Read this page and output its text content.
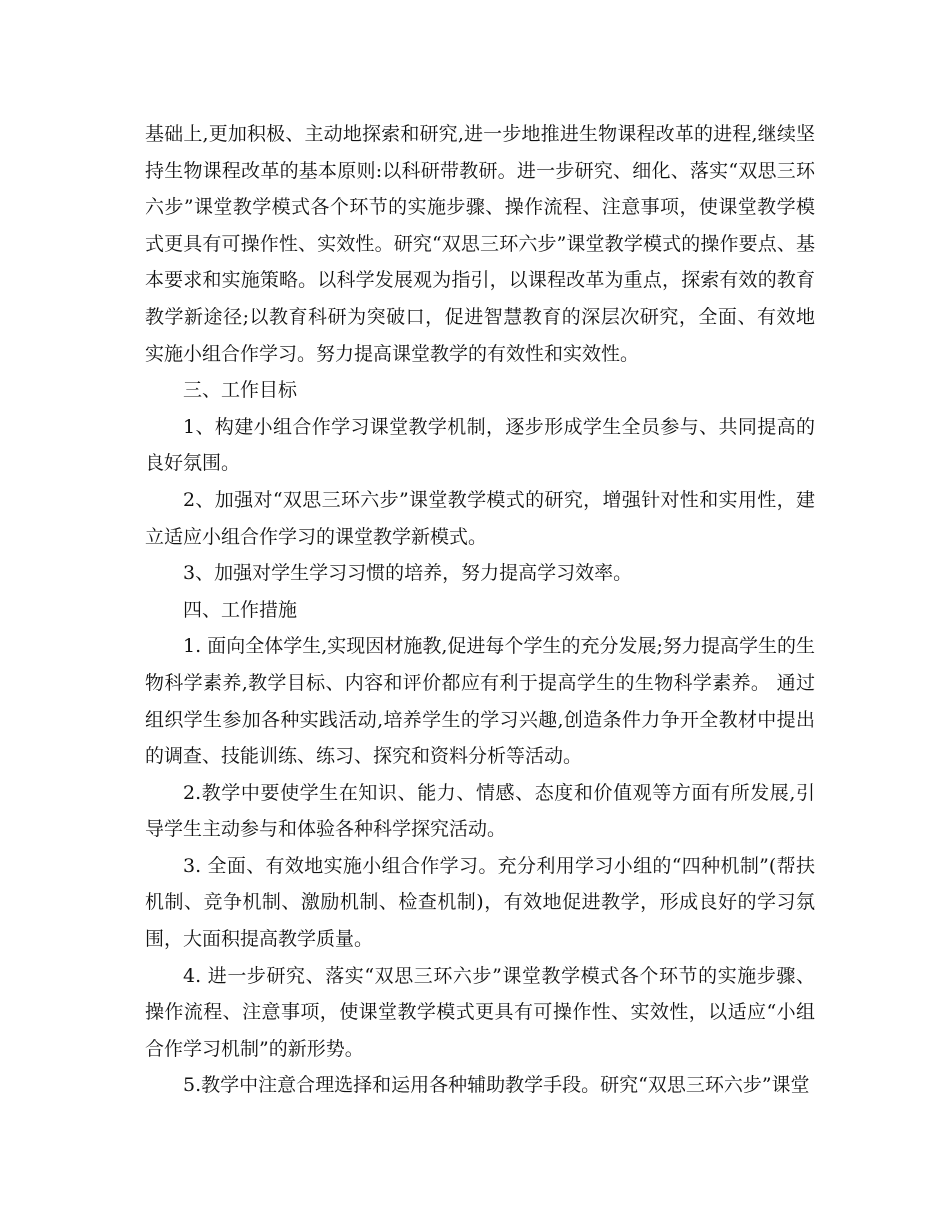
基础上,更加积极、主动地探索和研究,进一步地推进生物课程改革的进程,继续坚持生物课程改革的基本原则:以科研带教研。进一步研究、细化、落实“双思三环六步”课堂教学模式各个环节的实施步骤、操作流程、注意事项，使课堂教学模式更具有可操作性、实效性。研究“双思三环六步”课堂教学模式的操作要点、基本要求和实施策略。以科学发展观为指引，以课程改革为重点，探索有效的教育教学新途径;以教育科研为突破口，促进智慧教育的深层次研究，全面、有效地实施小组合作学习。努力提高课堂教学的有效性和实效性。

三、工作目标

1、构建小组合作学习课堂教学机制，逐步形成学生全员参与、共同提高的良好氛围。

2、加强对“双思三环六步”课堂教学模式的研究，增强针对性和实用性，建立适应小组合作学习的课堂教学新模式。

3、加强对学生学习习惯的培养，努力提高学习效率。

四、工作措施

1. 面向全体学生,实现因材施教,促进每个学生的充分发展;努力提高学生的生物科学素养,教学目标、内容和评价都应有利于提高学生的生物科学素养。 通过组织学生参加各种实践活动,培养学生的学习兴趣,创造条件力争开全教材中提出的调查、技能训练、练习、探究和资料分析等活动。

2.教学中要使学生在知识、能力、情感、态度和价值观等方面有所发展,引导学生主动参与和体验各种科学探究活动。

3. 全面、有效地实施小组合作学习。充分利用学习小组的“四种机制”(帮扶机制、竞争机制、激励机制、检查机制)，有效地促进教学，形成良好的学习氛围，大面积提高教学质量。

4. 进一步研究、落实“双思三环六步”课堂教学模式各个环节的实施步骤、操作流程、注意事项，使课堂教学模式更具有可操作性、实效性，以适应“小组合作学习机制”的新形势。

5.教学中注意合理选择和运用各种辅助教学手段。研究“双思三环六步”课堂
